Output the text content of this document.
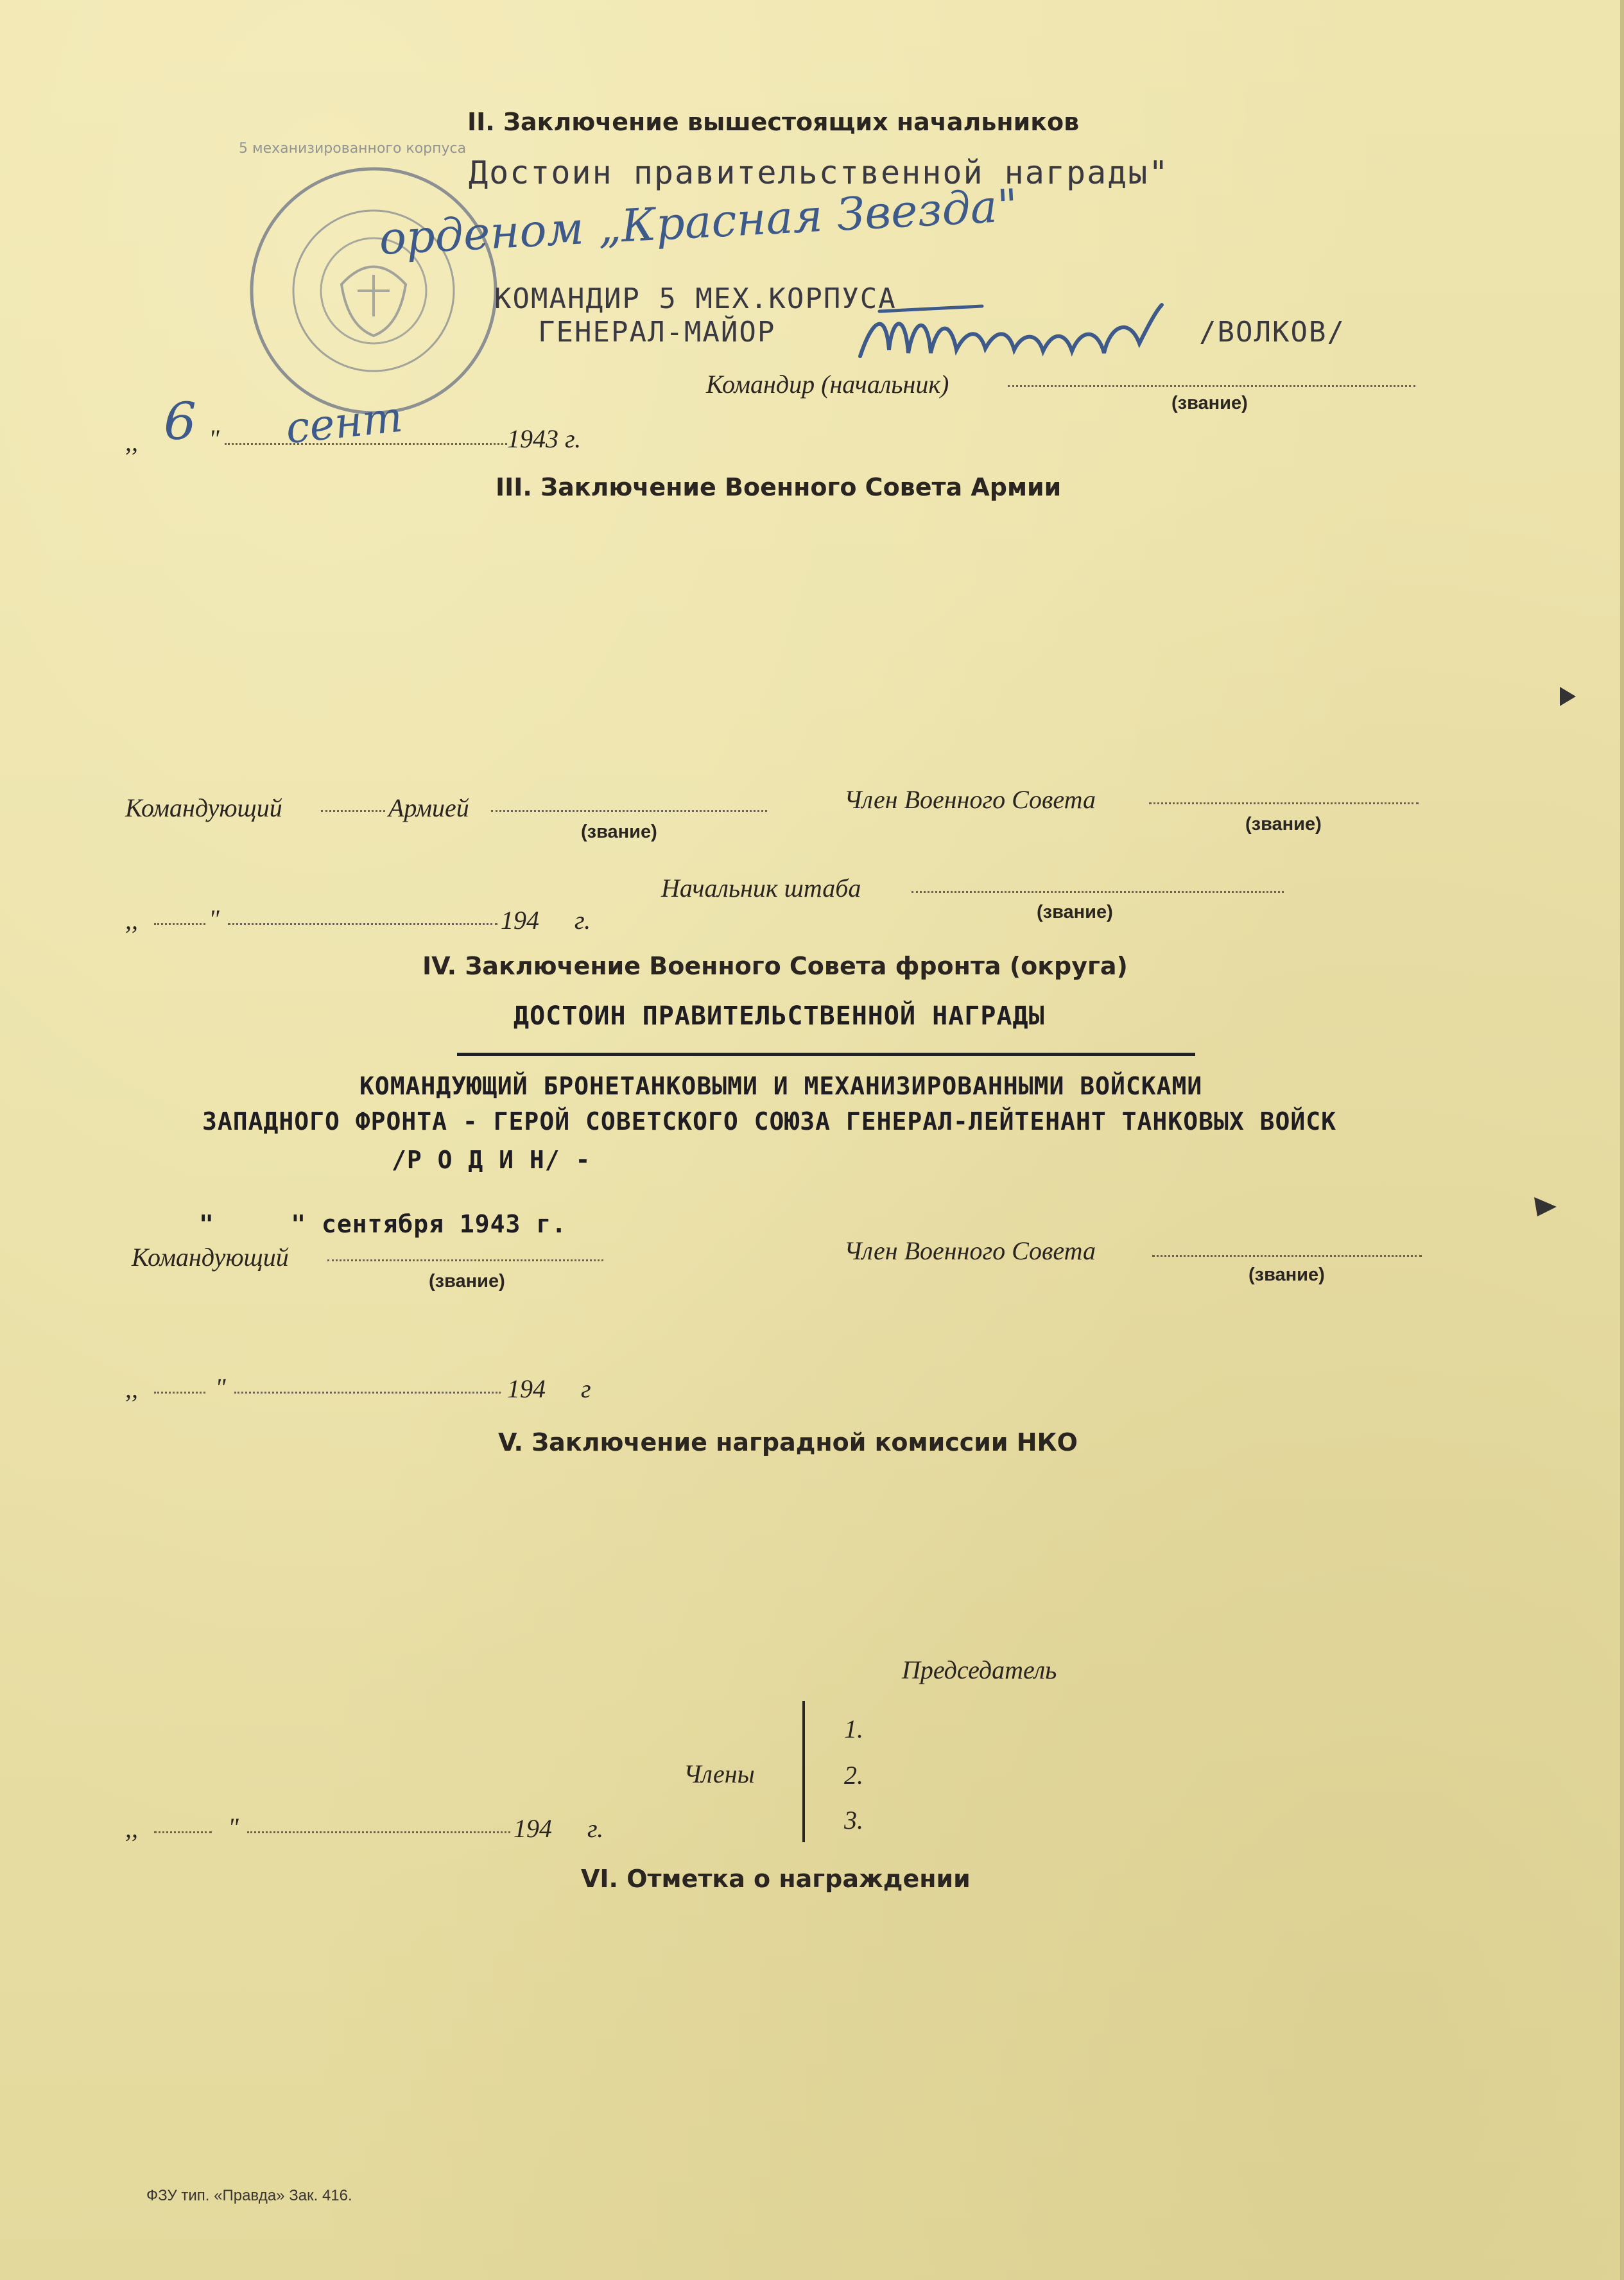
II. Заключение вышестоящих начальников
5 механизированного корпуса
Достоин правительственной награды"
орденом „Красная Звезда"
КОМАНДИР 5 МЕХ.КОРПУСА
ГЕНЕРАЛ-МАЙОР	/ВОЛКОВ/
Командир (начальник)
(звание)
,, 6 " сент	1943 г.
III. Заключение Военного Совета Армии
Командующий	Армией
(звание)
Член Военного Совета
(звание)
Начальник штаба
(звание)
,,	"	194 г.
IV. Заключение Военного Совета фронта (округа)
ДОСТОИН ПРАВИТЕЛЬСТВЕННОЙ НАГРАДЫ
КОМАНДУЮЩИЙ БРОНЕТАНКОВЫМИ И МЕХАНИЗИРОВАННЫМИ ВОЙСКАМИ
ЗАПАДНОГО ФРОНТА - ГЕРОЙ СОВЕТСКОГО СОЮЗА ГЕНЕРАЛ-ЛЕЙТЕНАНТ ТАНКОВЫХ ВОЙСК
/Р О Д И Н/ -
"     " сентября 1943 г.
Командующий
(звание)
Член Военного Совета
(звание)
,,	"	194 г
V. Заключение наградной комиссии НКО
Председатель
Члены
1.
2.
3.
,,	"	194 г.
VI. Отметка о награждении
ФЗУ тип. «Правда» Зак. 416.
